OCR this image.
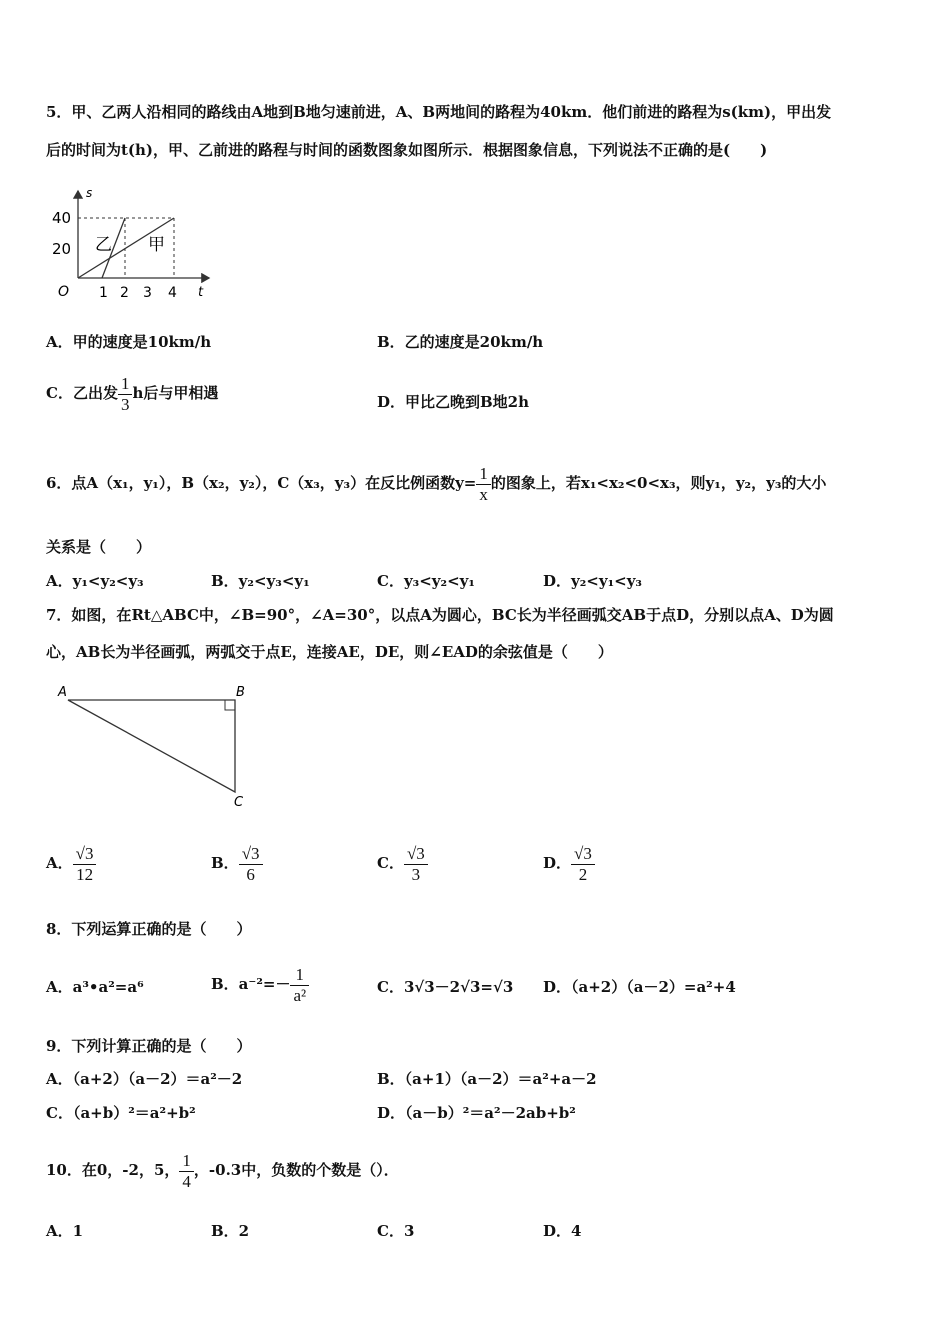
5．甲、乙两人沿相同的路线由A地到B地匀速前进，A、B两地间的路程为40km．他们前进的路程为s(km)，甲出发
后的时间为t(h)，甲、乙前进的路程与时间的函数图象如图所示．根据图象信息，下列说法不正确的是(　　)
s
t
O
40
20
1 2 3 4
乙 甲
A．甲的速度是10km/h	B．乙的速度是20km/h
C．乙出发 $\frac{1}{3}$ h后与甲相遇	D．甲比乙晚到B地2h
6．点A（x₁，y₁），B（x₂，y₂），C（x₃，y₃）在反比例函数$y= \frac{1}{x}$ 的图象上，若x₁<x₂<0<x₃，则y₁，y₂，y₃的大小
关系是（　　）
A．y₁<y₂<y₃	B．y₂<y₃<y₁	C．y₃<y₂<y₁	D．y₂<y₁<y₃
7．如图，在Rt△ABC中，∠B=90°，∠A=30°，以点A为圆心，BC长为半径画弧交AB于点D，分别以点A、D为圆
心，AB长为半径画弧，两弧交于点E，连接AE，DE，则∠EAD的余弦值是（　　）
A	B
C
A． $\frac{√3}{12}$	B． $\frac{√3}{6}$	C． $\frac{√3}{3}$	D． $\frac{√3}{2}$
8．下列运算正确的是（　　）
A．a³•a²=a⁶	B．$a^{-2}=- \frac{1}{\text{a²}}$	C．3√3－2√3=√3 D．（a+2）（a－2）=a²+4
9．下列计算正确的是（　　）
A．（a+2）（a－2）＝a²－2	B．（a+1）（a－2）＝a²+a－2
C．（a+b）²＝a²+b²	D．（a－b）²＝a²－2ab+b²
10．在0，-2，5， $\frac{1}{4}$ ，-0.3中，负数的个数是（）．
A．1	B．2	C．3	D．4
